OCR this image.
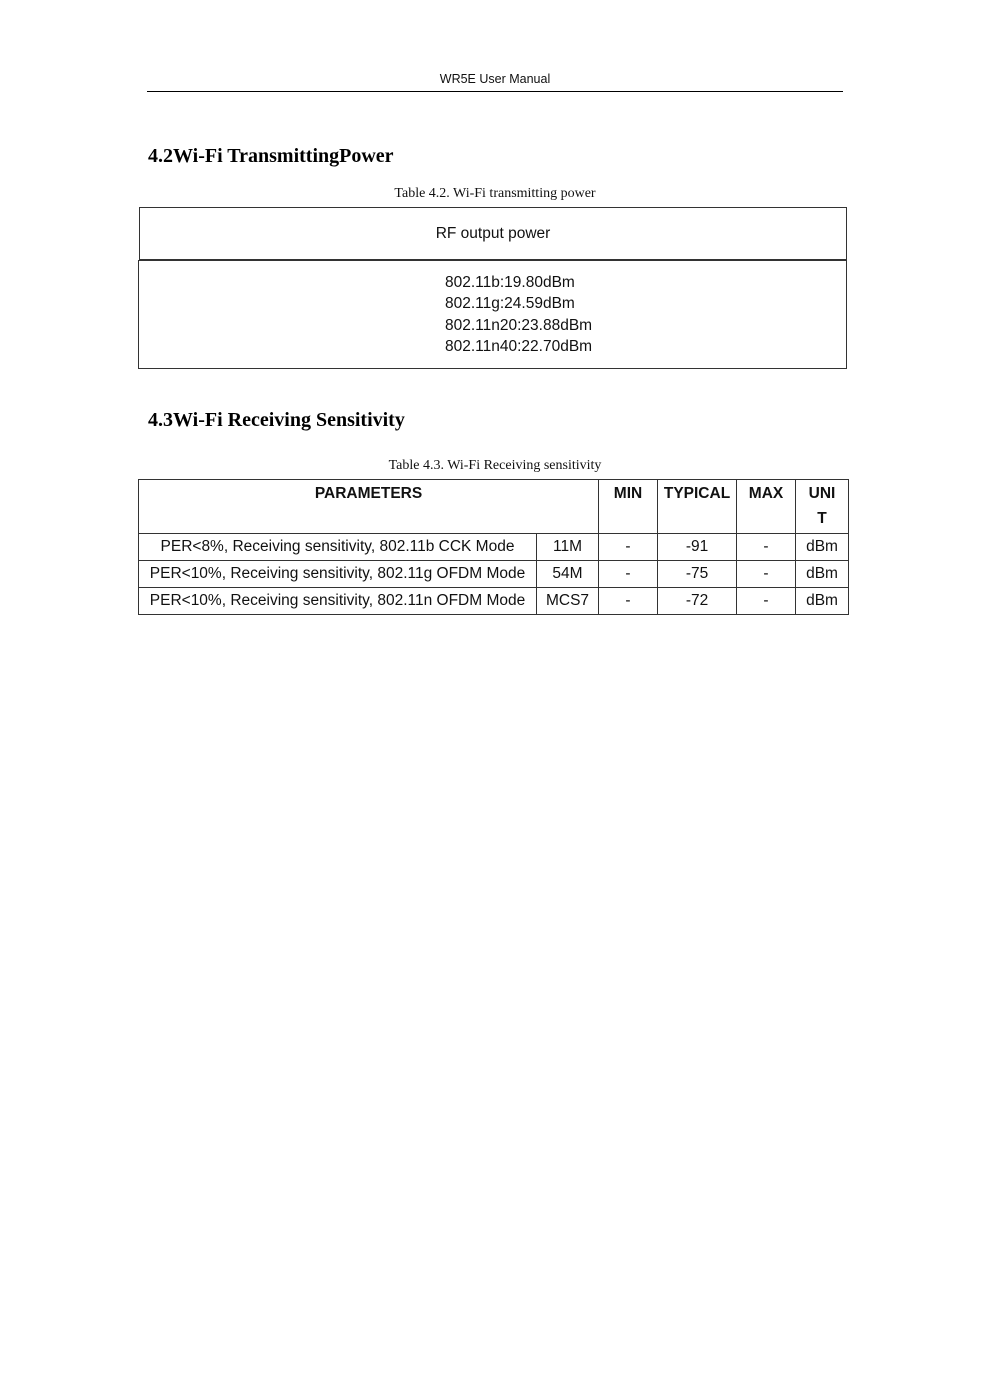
WR5E User Manual
4.2Wi-Fi TransmittingPower
Table 4.2. Wi-Fi transmitting power
RF output power
802.11b:19.80dBm
802.11g:24.59dBm
802.11n20:23.88dBm
802.11n40:22.70dBm
4.3Wi-Fi Receiving Sensitivity
Table 4.3. Wi-Fi Receiving sensitivity
PARAMETERS		MIN	TYPICAL	MAX	UNI
T
PER<8%, Receiving sensitivity, 802.11b CCK Mode	11M	-	-91	-	dBm
PER<10%, Receiving sensitivity, 802.11g OFDM Mode	54M	-	-75	-	dBm
PER<10%, Receiving sensitivity, 802.11n OFDM Mode	MCS7	-	-72	-	dBm
